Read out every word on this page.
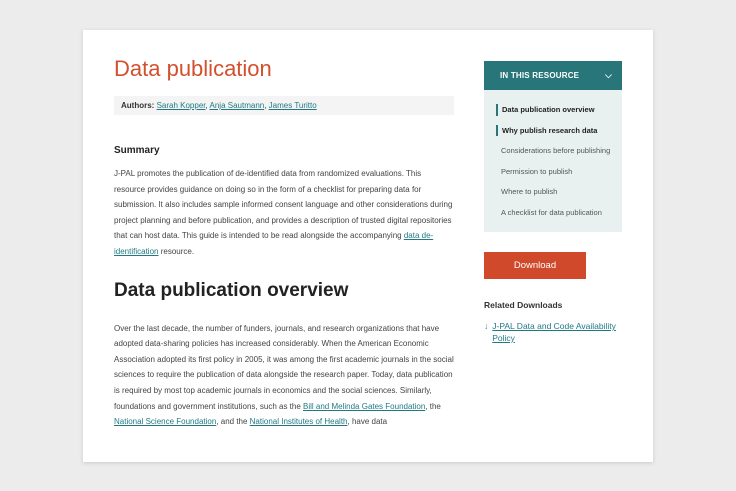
Data publication
Authors: Sarah Kopper, Anja Sautmann, James Turitto
Summary

J-PAL promotes the publication of de-identified data from randomized evaluations. This resource provides guidance on doing so in the form of a checklist for preparing data for submission. It also includes sample informed consent language and other considerations during project planning and before publication, and provides a description of trusted digital repositories that can host data. This guide is intended to be read alongside the accompanying data de-identification resource.

Data publication overview

Over the last decade, the number of funders, journals, and research organizations that have adopted data-sharing policies has increased considerably. When the American Economic Association adopted its first policy in 2005, it was among the first academic journals in the social sciences to require the publication of data alongside the research paper. Today, data publication is required by most top academic journals in economics and the social sciences. Similarly, foundations and government institutions, such as the Bill and Melinda Gates Foundation, the National Science Foundation, and the National Institutes of Health, have data

IN THIS RESOURCE	⌵
Data publication overview
Why publish research data
Considerations before publishing
Permission to publish
Where to publish
A checklist for data publication
Download
Related Downloads
↓ J-PAL Data and Code Availability Policy
